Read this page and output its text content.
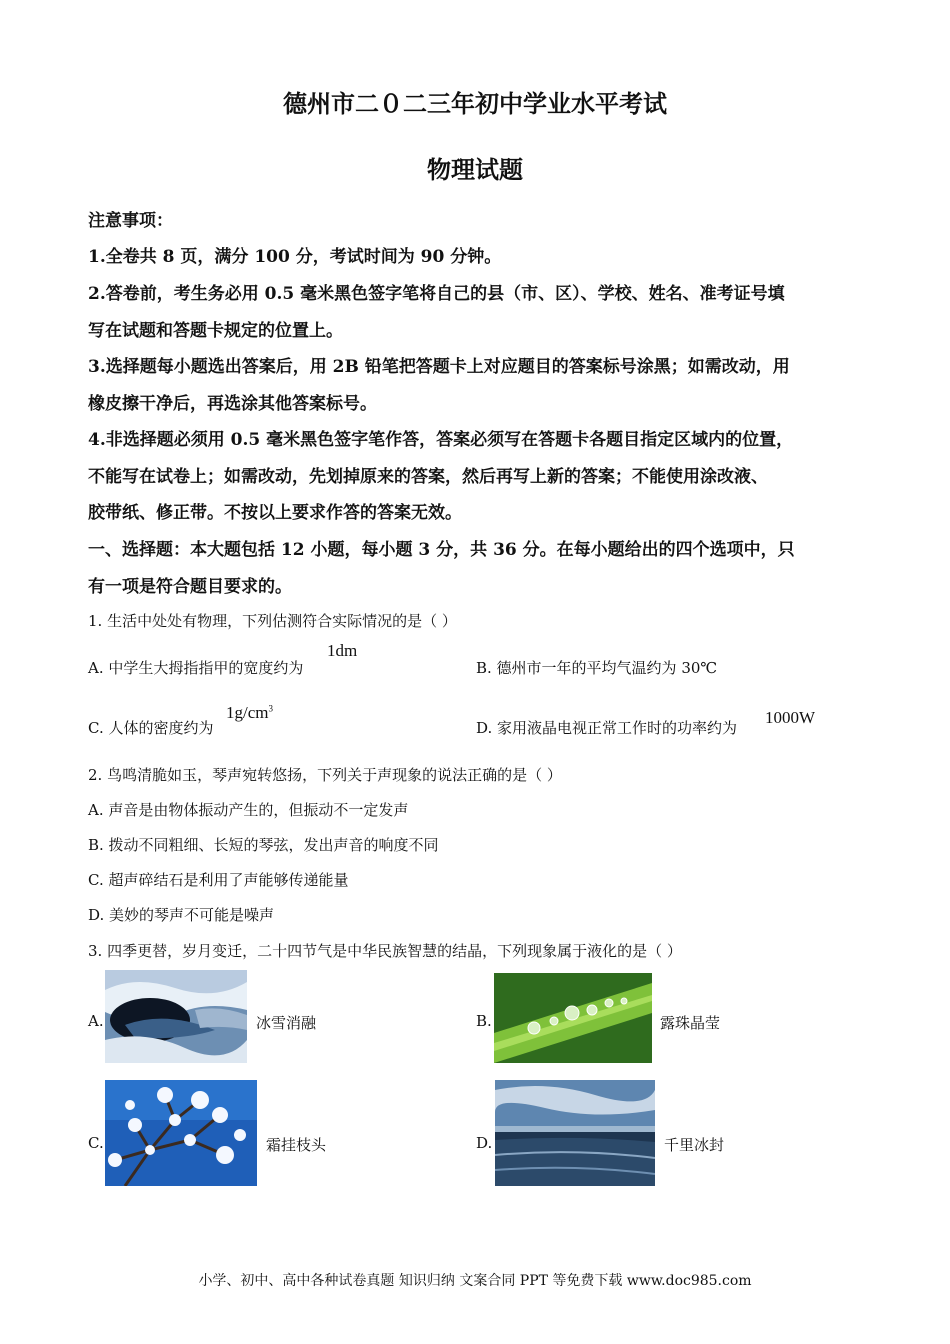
德州市二０二三年初中学业水平考试
物理试题
注意事项：
1.全卷共 8 页，满分 100 分，考试时间为 90 分钟。
2.答卷前，考生务必用 0.5 毫米黑色签字笔将自己的县（市、区）、学校、姓名、准考证号填
写在试题和答题卡规定的位置上。
3.选择题每小题选出答案后，用 2B 铅笔把答题卡上对应题目的答案标号涂黑；如需改动，用
橡皮擦干净后，再选涂其他答案标号。
4.非选择题必须用 0.5 毫米黑色签字笔作答，答案必须写在答题卡各题目指定区域内的位置，
不能写在试卷上；如需改动，先划掉原来的答案，然后再写上新的答案；不能使用涂改液、
胶带纸、修正带。不按以上要求作答的答案无效。
一、选择题：本大题包括 12 小题，每小题 3 分，共 36 分。在每小题给出的四个选项中，只
有一项是符合题目要求的。
1. 生活中处处有物理，下列估测符合实际情况的是（ ）
A. 中学生大拇指指甲的宽度约为
1dm
B. 德州市一年的平均气温约为 30℃
C. 人体的密度约为
$1g/cm^3$
D. 家用液晶电视正常工作时的功率约为
1000W
2. 鸟鸣清脆如玉，琴声宛转悠扬，下列关于声现象的说法正确的是（ ）
A. 声音是由物体振动产生的，但振动不一定发声
B. 拨动不同粗细、长短的琴弦，发出声音的响度不同
C. 超声碎结石是利用了声能够传递能量
D. 美妙的琴声不可能是噪声
3. 四季更替，岁月变迁，二十四节气是中华民族智慧的结晶，下列现象属于液化的是（ ）
A.	冰雪消融	B.	露珠晶莹
C.	霜挂枝头	D.	千里冰封
小学、初中、高中各种试卷真题 知识归纳 文案合同 PPT 等免费下载 www.doc985.com
